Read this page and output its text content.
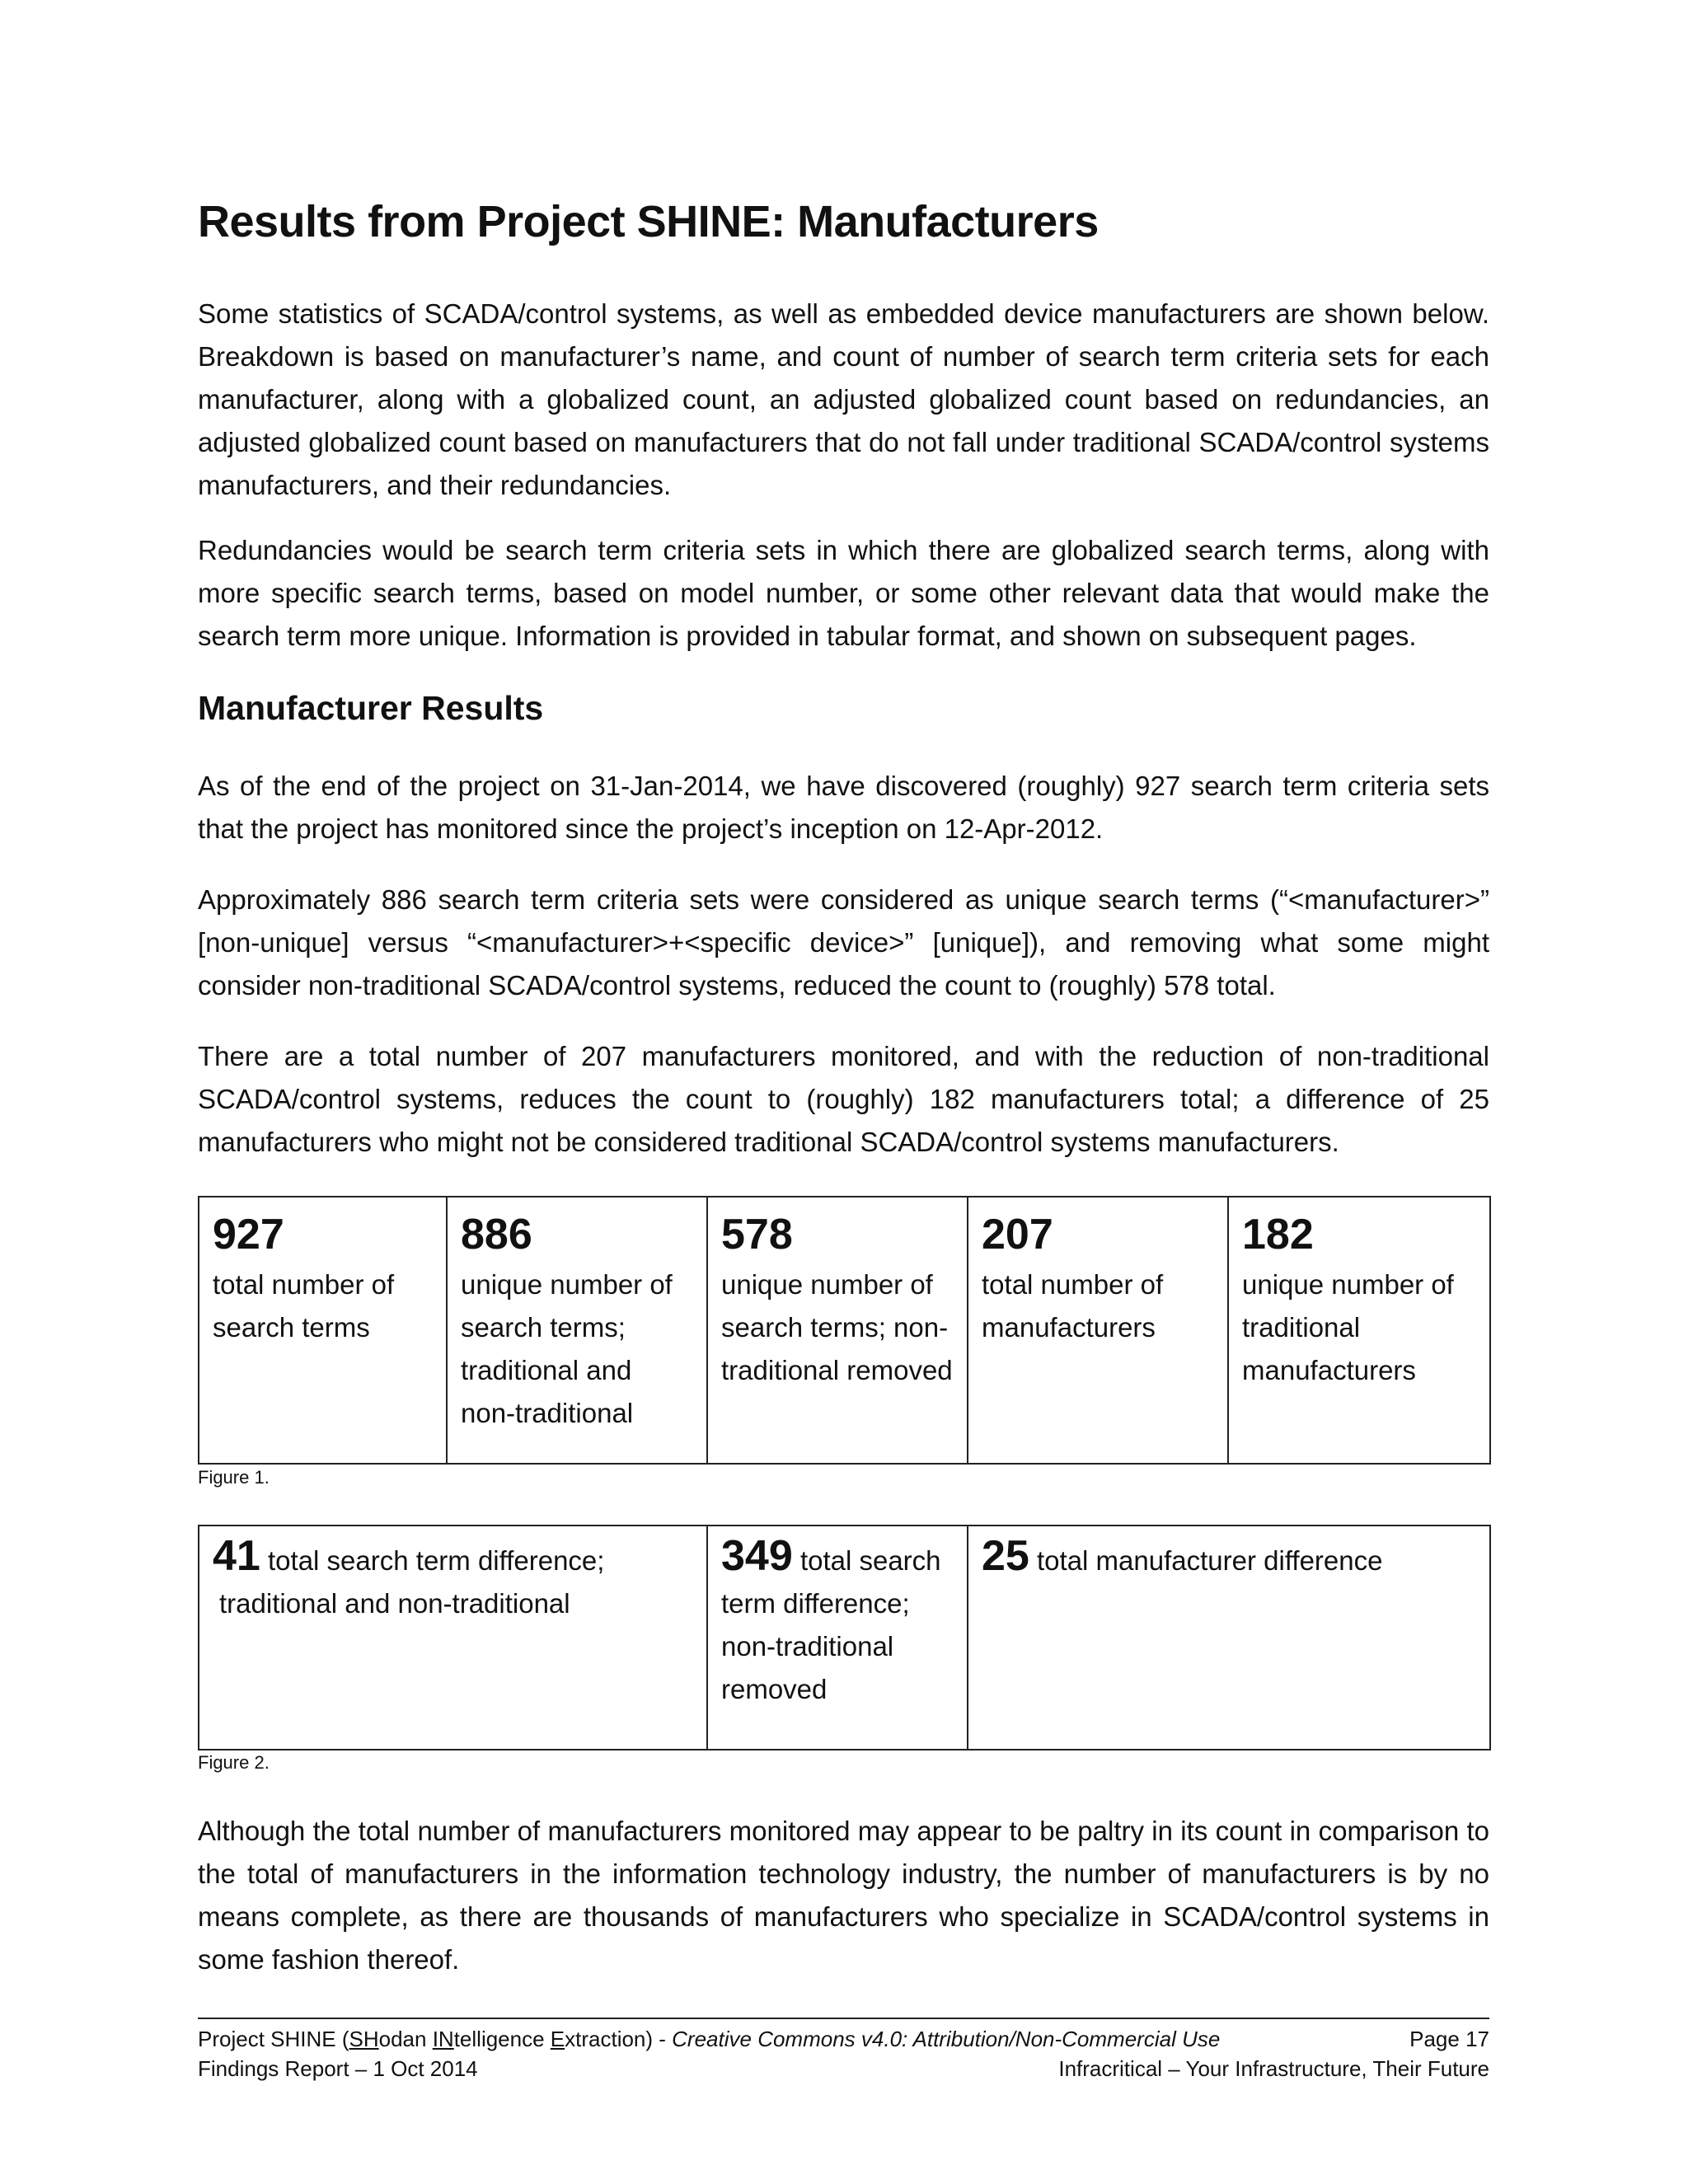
Results from Project SHINE: Manufacturers

Some statistics of SCADA/control systems, as well as embedded device manufacturers are shown below. Breakdown is based on manufacturer’s name, and count of number of search term criteria sets for each manufacturer, along with a globalized count, an adjusted globalized count based on redundancies, an adjusted globalized count based on manufacturers that do not fall under traditional SCADA/control systems manufacturers, and their redundancies.

Redundancies would be search term criteria sets in which there are globalized search terms, along with more specific search terms, based on model number, or some other relevant data that would make the search term more unique. Information is provided in tabular format, and shown on subsequent pages.

Manufacturer Results

As of the end of the project on 31-Jan-2014, we have discovered (roughly) 927 search term criteria sets that the project has monitored since the project’s inception on 12-Apr-2012.

Approximately 886 search term criteria sets were considered as unique search terms (“<manufacturer>” [non-unique] versus “<manufacturer>+<specific device>” [unique]), and removing what some might consider non-traditional SCADA/control systems, reduced the count to (roughly) 578 total.

There are a total number of 207 manufacturers monitored, and with the reduction of non-traditional SCADA/control systems, reduces the count to (roughly) 182 manufacturers total; a difference of 25 manufacturers who might not be considered traditional SCADA/control systems manufacturers.

927
total number of search terms	
886
unique number of search terms; traditional and non-traditional	
578
unique number of search terms; non-traditional removed	
207
total number of manufacturers	
182
unique number of traditional manufacturers
Figure 1.
41 total search term difference;
traditional and non-traditional	349 total search term difference; non-traditional removed	25 total manufacturer difference
Figure 2.

Although the total number of manufacturers monitored may appear to be paltry in its count in comparison to the total of manufacturers in the information technology industry, the number of manufacturers is by no means complete, as there are thousands of manufacturers who specialize in SCADA/control systems in some fashion thereof.

Project SHINE (SHodan INtelligence Extraction) - Creative Commons v4.0: Attribution/Non-Commercial Use	Page 17
Findings Report – 1 Oct 2014	Infracritical – Your Infrastructure, Their Future
